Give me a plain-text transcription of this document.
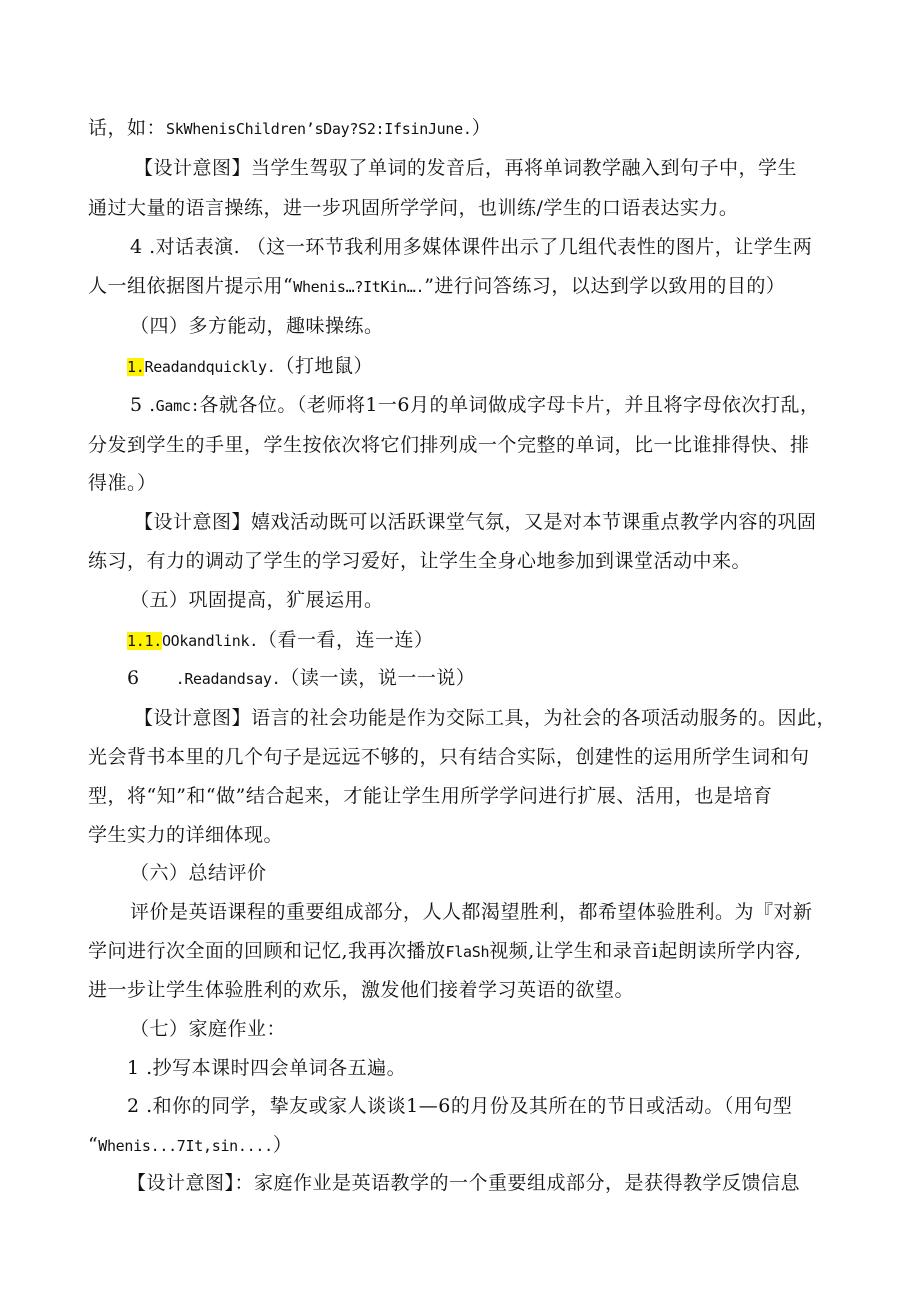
话，如：SkWhenisChildren’sDay?S2:IfsinJune.）
【设计意图】当学生驾驭了单词的发音后，再将单词教学融入到句子中，学生
通过大量的语言操练，进一步巩固所学学问，也训练/学生的口语表达实力。
4 .对话表演. （这一环节我利用多媒体课件出示了几组代表性的图片，让学生两
人一组依据图片提示用“Whenis…?ItKin….”进行问答练习，以达到学以致用的目的）
（四）多方能动，趣味操练。
1.Readandquickly.（打地鼠）
5 .Gamc:各就各位。（老师将1一6月的单词做成字母卡片，并且将字母依次打乱，
分发到学生的手里，学生按依次将它们排列成一个完整的单词，比一比谁排得快、排
得准。）
【设计意图】嬉戏活动既可以活跃课堂气氛，又是对本节课重点教学内容的巩固
练习，有力的调动了学生的学习爱好，让学生全身心地参加到课堂活动中来。
（五）巩固提高，犷展运用。
1.1.OOkandlink.（看一看，连一连）
6 .Readandsay.（读一读，说一一说）
【设计意图】语言的社会功能是作为交际工具，为社会的各项活动服务的。因此，
光会背书本里的几个句子是远远不够的，只有结合实际，创建性的运用所学生词和句
型，将“知”和“做”结合起来，才能让学生用所学学问进行扩展、活用，也是培育
学生实力的详细体现。
（六）总结评价
评价是英语课程的重要组成部分，人人都渴望胜利，都希望体验胜利。为『对新
学问进行次全面的回顾和记忆,我再次播放FlaSh视频,让学生和录音i起朗读所学内容,
进一步让学生体验胜利的欢乐，激发他们接着学习英语的欲望。
（七）家庭作业：
1 .抄写本课时四会单词各五遍。
2 .和你的同学，挚友或家人谈谈1—6的月份及其所在的节日或活动。（用句型
“Whenis...7It,sin....）
【设计意图】：家庭作业是英语教学的一个重要组成部分，是获得教学反馈信息
